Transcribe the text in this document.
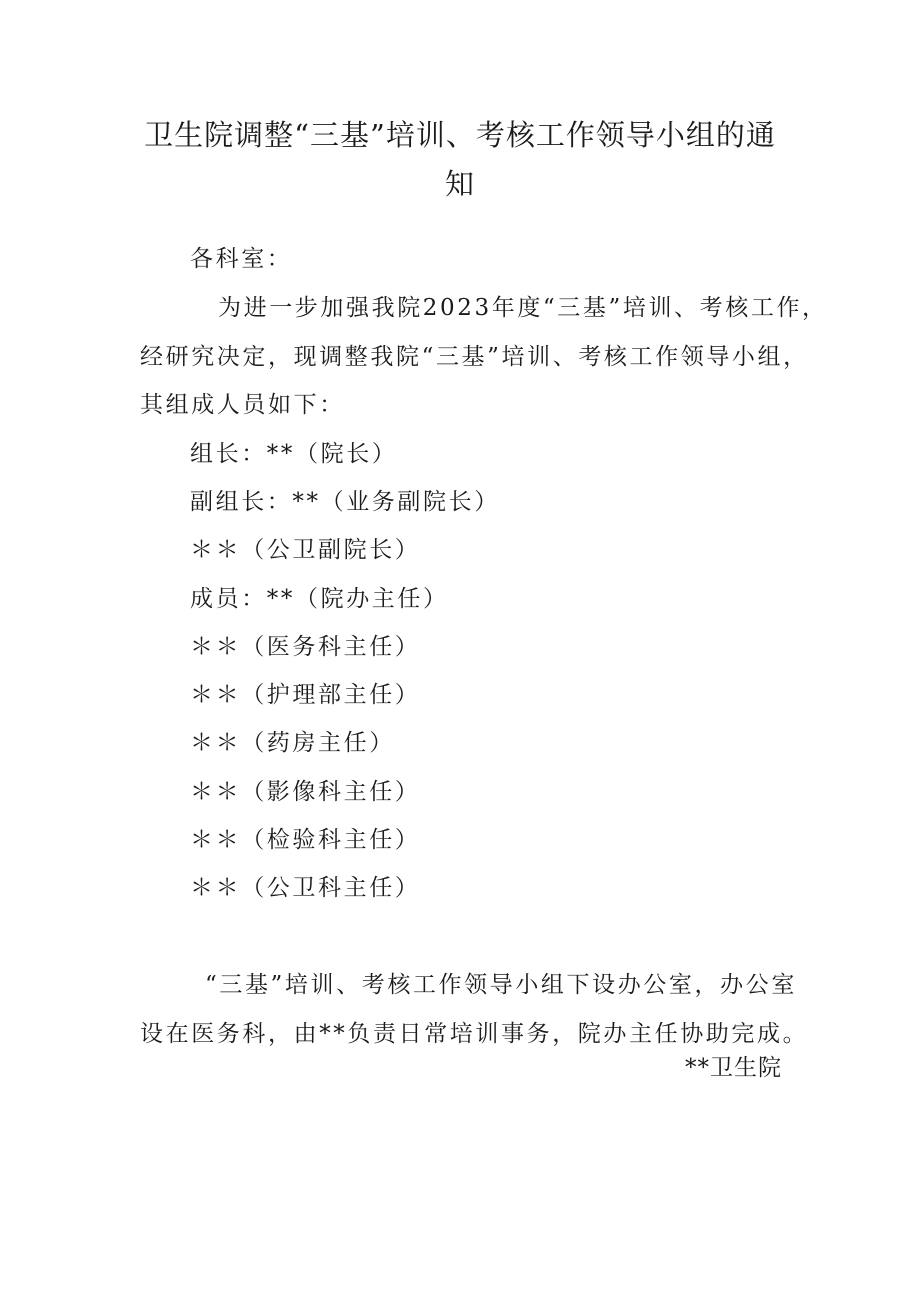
卫生院调整“三基”培训、考核工作领导小组的通
知

各科室：

为进一步加强我院2023年度“三基”培训、考核工作，

经研究决定，现调整我院“三基”培训、考核工作领导小组，

其组成人员如下：

组长：**（院长）

副组长：**（业务副院长）

＊＊（公卫副院长）

成员：**（院办主任）

＊＊（医务科主任）

＊＊（护理部主任）

＊＊（药房主任）

＊＊（影像科主任）

＊＊（检验科主任）

＊＊（公卫科主任）

“三基”培训、考核工作领导小组下设办公室，办公室

设在医务科，由**负责日常培训事务，院办主任协助完成。

**卫生院
